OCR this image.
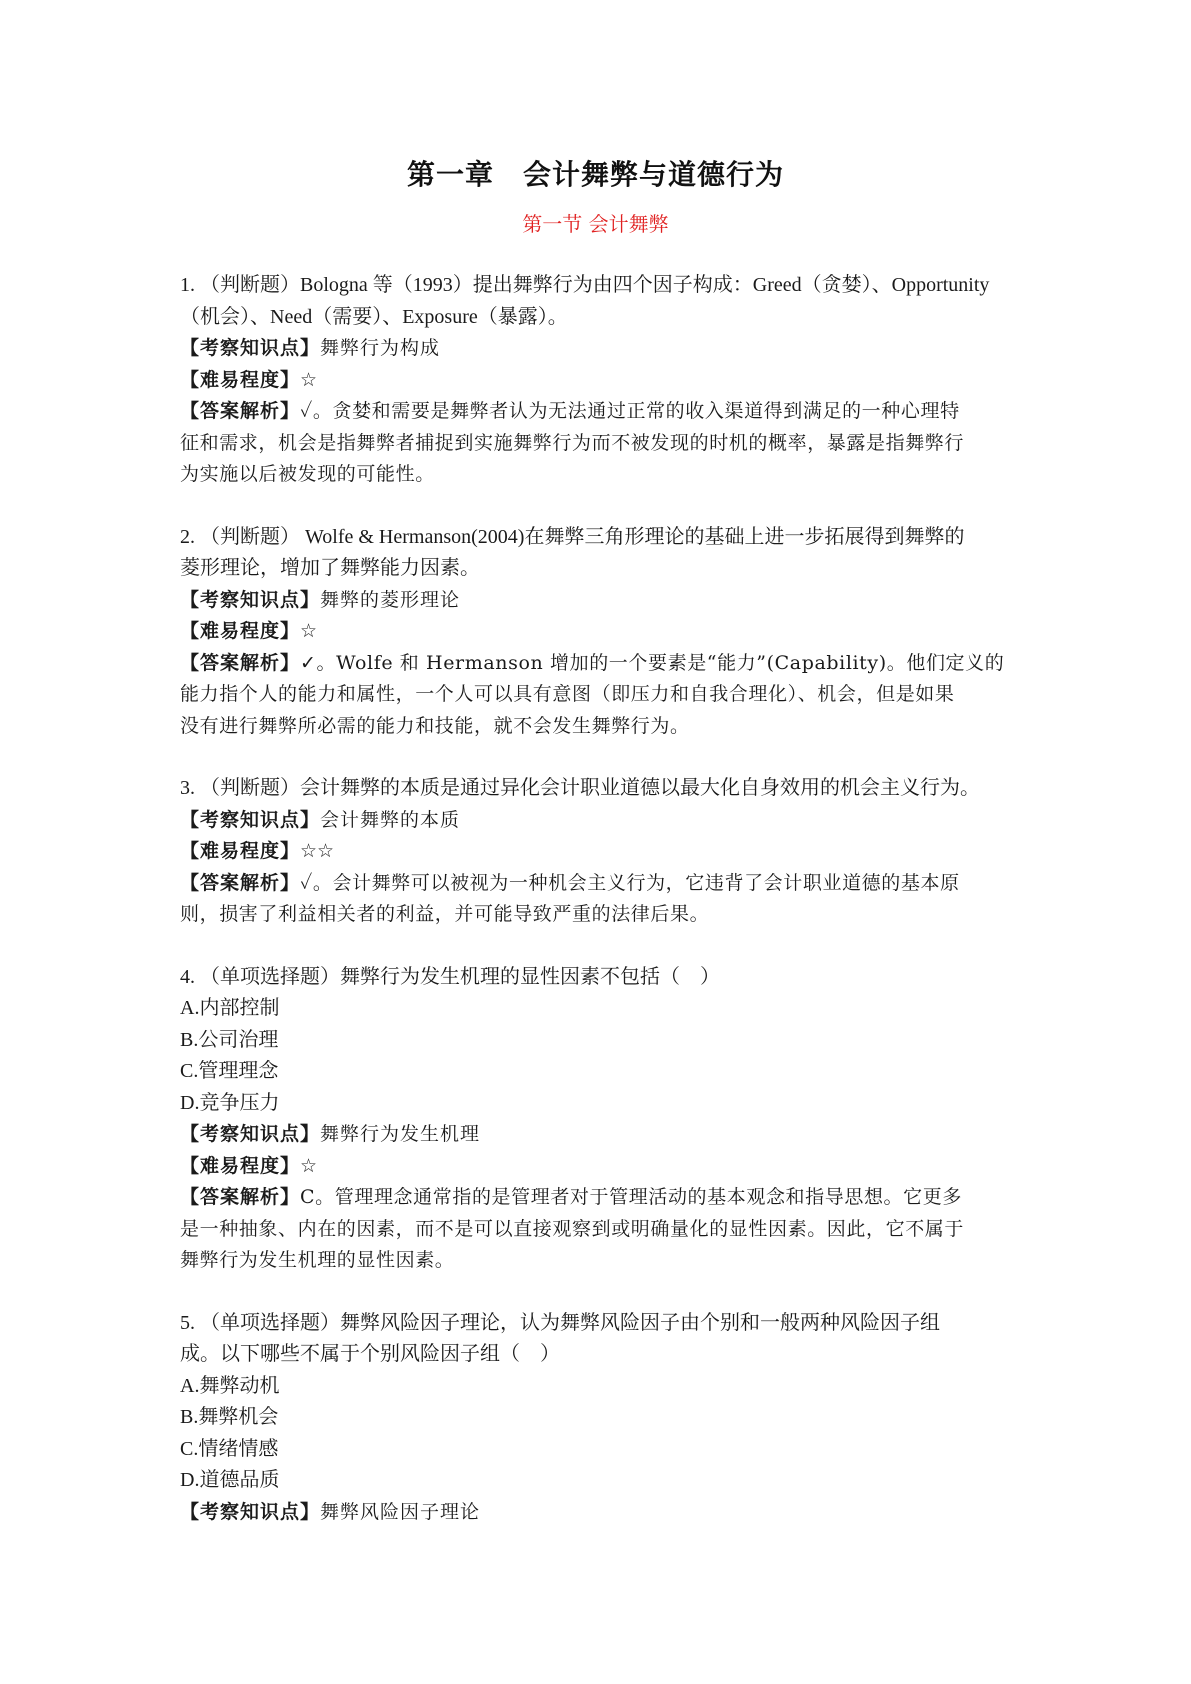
第一章　会计舞弊与道德行为
第一节 会计舞弊
1. （判断题）Bologna 等（1993）提出舞弊行为由四个因子构成：Greed（贪婪）、Opportunity
（机会）、Need（需要）、Exposure（暴露）。
【考察知识点】舞弊行为构成
【难易程度】☆
【答案解析】✓。贪婪和需要是舞弊者认为无法通过正常的收入渠道得到满足的一种心理特
征和需求，机会是指舞弊者捕捉到实施舞弊行为而不被发现的时机的概率，暴露是指舞弊行
为实施以后被发现的可能性。
2. （判断题） Wolfe & Hermanson(2004)在舞弊三角形理论的基础上进一步拓展得到舞弊的
菱形理论，增加了舞弊能力因素。
【考察知识点】舞弊的菱形理论
【难易程度】☆
【答案解析】✓。Wolfe 和 Hermanson 增加的一个要素是“能力”(Capability)。他们定义的
能力指个人的能力和属性，一个人可以具有意图（即压力和自我合理化）、机会，但是如果
没有进行舞弊所必需的能力和技能，就不会发生舞弊行为。
3. （判断题）会计舞弊的本质是通过异化会计职业道德以最大化自身效用的机会主义行为。
【考察知识点】会计舞弊的本质
【难易程度】☆☆
【答案解析】✓。会计舞弊可以被视为一种机会主义行为，它违背了会计职业道德的基本原
则，损害了利益相关者的利益，并可能导致严重的法律后果。
4. （单项选择题）舞弊行为发生机理的显性因素不包括（　）
A.内部控制
B.公司治理
C.管理理念
D.竞争压力
【考察知识点】舞弊行为发生机理
【难易程度】☆
【答案解析】C。管理理念通常指的是管理者对于管理活动的基本观念和指导思想。它更多
是一种抽象、内在的因素，而不是可以直接观察到或明确量化的显性因素。因此，它不属于
舞弊行为发生机理的显性因素。
5. （单项选择题）舞弊风险因子理论，认为舞弊风险因子由个别和一般两种风险因子组
成。以下哪些不属于个别风险因子组（　）
A.舞弊动机
B.舞弊机会
C.情绪情感
D.道德品质
【考察知识点】舞弊风险因子理论
